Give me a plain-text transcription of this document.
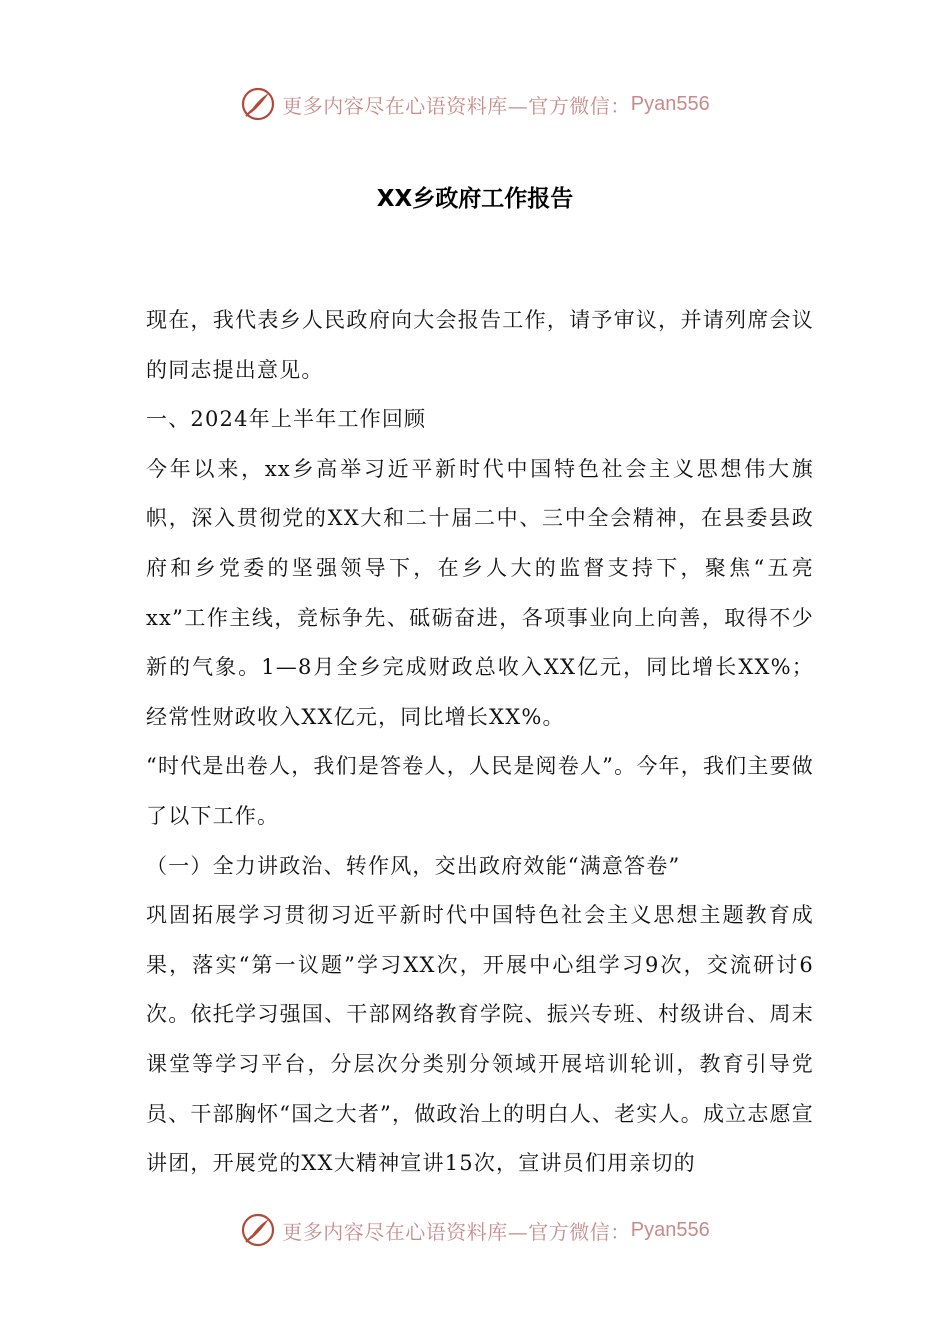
更多内容尽在心语资料库—官方微信： Pyan556
XX乡政府工作报告

现在，我代表乡人民政府向大会报告工作，请予审议，并请列席会议的同志提出意见。

一、2024年上半年工作回顾

今年以来，xx乡高举习近平新时代中国特色社会主义思想伟大旗帜，深入贯彻党的XX大和二十届二中、三中全会精神，在县委县政府和乡党委的坚强领导下，在乡人大的监督支持下，聚焦“五亮xx”工作主线，竞标争先、砥砺奋进，各项事业向上向善，取得不少新的气象。1—8月全乡完成财政总收入XX亿元，同比增长XX%；经常性财政收入XX亿元，同比增长XX%。

“时代是出卷人，我们是答卷人，人民是阅卷人”。今年，我们主要做了以下工作。

（一）全力讲政治、转作风，交出政府效能“满意答卷”

巩固拓展学习贯彻习近平新时代中国特色社会主义思想主题教育成果，落实“第一议题”学习XX次，开展中心组学习9次，交流研讨6次。依托学习强国、干部网络教育学院、振兴专班、村级讲台、周末课堂等学习平台，分层次分类别分领域开展培训轮训，教育引导党员、干部胸怀“国之大者”，做政治上的明白人、老实人。成立志愿宣讲团，开展党的XX大精神宣讲15次，宣讲员们用亲切的

更多内容尽在心语资料库—官方微信： Pyan556
